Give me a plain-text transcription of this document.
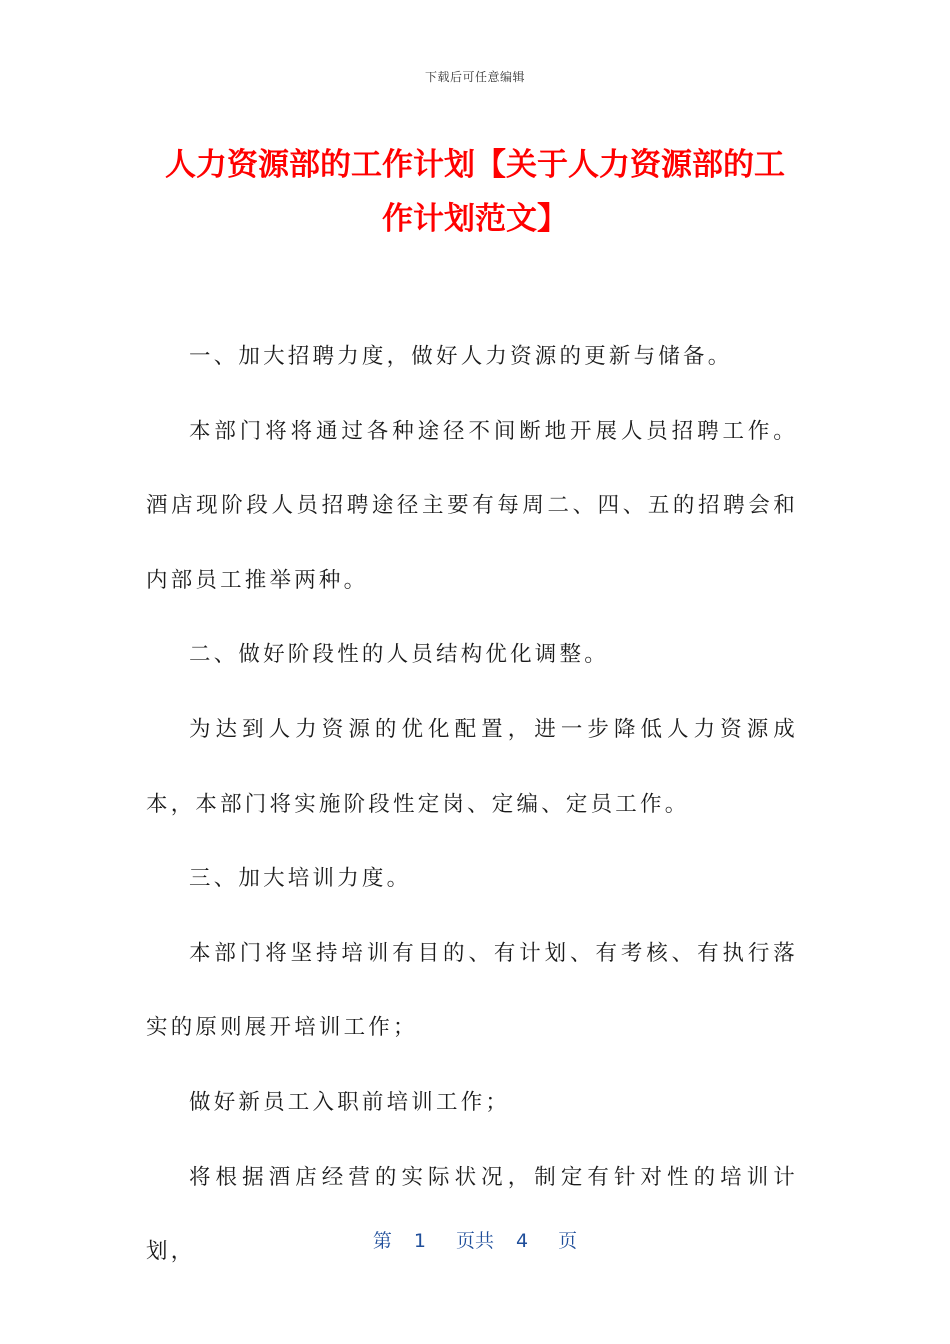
下载后可任意编辑
人力资源部的工作计划【关于人力资源部的工作计划范文】

一、加大招聘力度，做好人力资源的更新与储备。

本部门将将通过各种途径不间断地开展人员招聘工作。酒店现阶段人员招聘途径主要有每周二、四、五的招聘会和内部员工推举两种。

二、做好阶段性的人员结构优化调整。

为达到人力资源的优化配置，进一步降低人力资源成本，本部门将实施阶段性定岗、定编、定员工作。

三、加大培训力度。

本部门将坚持培训有目的、有计划、有考核、有执行落实的原则展开培训工作；

做好新员工入职前培训工作；

将根据酒店经营的实际状况，制定有针对性的培训计划，	第 1 页共 4 页
